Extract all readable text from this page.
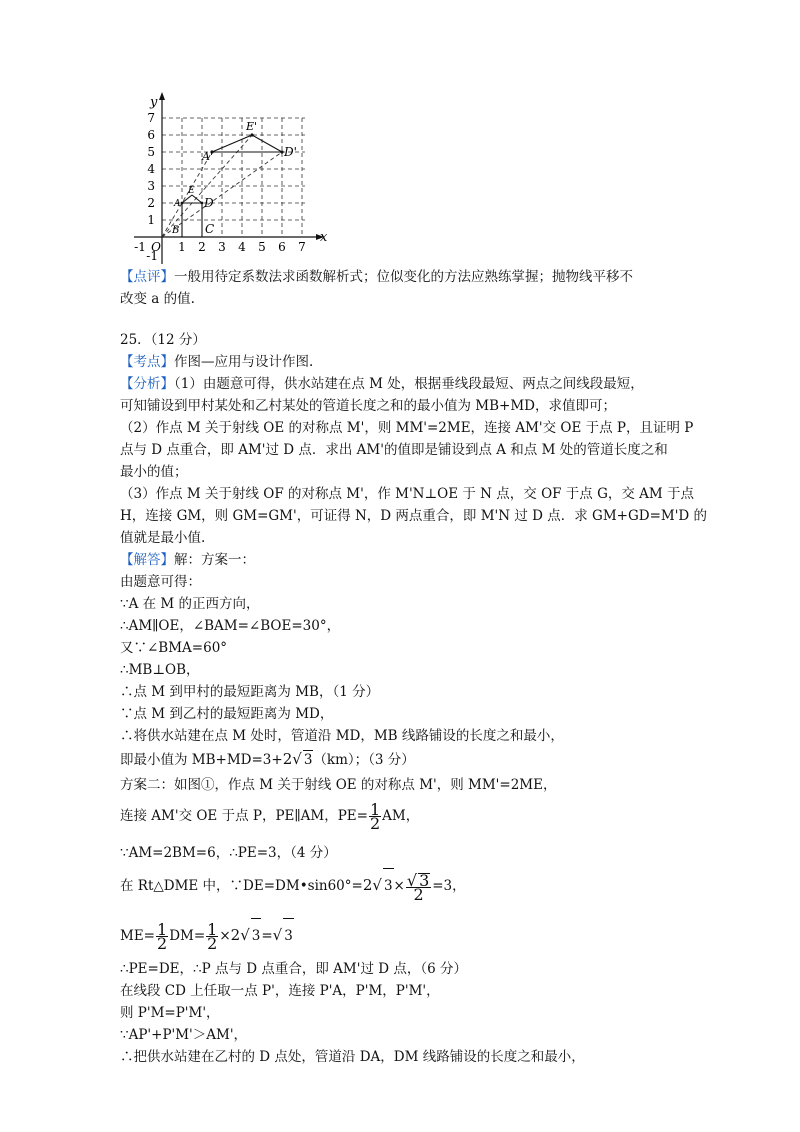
7
6
5
4
3
2
1
-1
-1 O 1 2 3 4 5 6 7
y
x
E'
A'	D'
E
A D
B C
【点评】一般用待定系数法求函数解析式；位似变化的方法应熟练掌握；抛物线平移不
改变 a 的值.
25．（12 分）
【考点】作图—应用与设计作图.
【分析】（1）由题意可得，供水站建在点 M 处，根据垂线段最短、两点之间线段最短，
可知铺设到甲村某处和乙村某处的管道长度之和的最小值为 MB+MD，求值即可；
（2）作点 M 关于射线 OE 的对称点 M'，则 MM'=2ME，连接 AM'交 OE 于点 P，且证明 P
点与 D 点重合，即 AM'过 D 点．求出 AM'的值即是铺设到点 A 和点 M 处的管道长度之和
最小的值；
（3）作点 M 关于射线 OF 的对称点 M'，作 M'N⊥OE 于 N 点，交 OF 于点 G，交 AM 于点
H，连接 GM，则 GM=GM'，可证得 N，D 两点重合，即 M'N 过 D 点．求 GM+GD=M'D 的
值就是最小值.
【解答】解：方案一：
由题意可得：
∵A 在 M 的正西方向，
∴AM∥OE，∠BAM=∠BOE=30°，
又∵∠BMA=60°
∴MB⊥OB，
∴点 M 到甲村的最短距离为 MB，（1 分）
∵点 M 到乙村的最短距离为 MD，
∴将供水站建在点 M 处时，管道沿 MD，MB 线路铺设的长度之和最小，
即最小值为 MB+MD=3+2√ 3（km）；（3 分）
方案二：如图①，作点 M 关于射线 OE 的对称点 M'，则 MM'=2ME，
连接 AM'交 OE 于点 P，PE∥AM，$PE= \frac{1}{2}$ AM，
∵AM=2BM=6，∴PE=3，（4 分）
在 Rt△DME 中，∵DE=DM•sin60°=2√ $3\times \frac{√ 3}{2} =3$，
$ME= \frac{1}{2} DM= \frac{1}{2} \times 2√$ 3=√ 3
∴PE=DE，∴P 点与 D 点重合，即 AM'过 D 点，（6 分）
在线段 CD 上任取一点 P'，连接 P'A，P'M，P'M'，
则 P'M=P'M'，
∵AP'+P'M'＞AM'，
∴把供水站建在乙村的 D 点处，管道沿 DA，DM 线路铺设的长度之和最小，
